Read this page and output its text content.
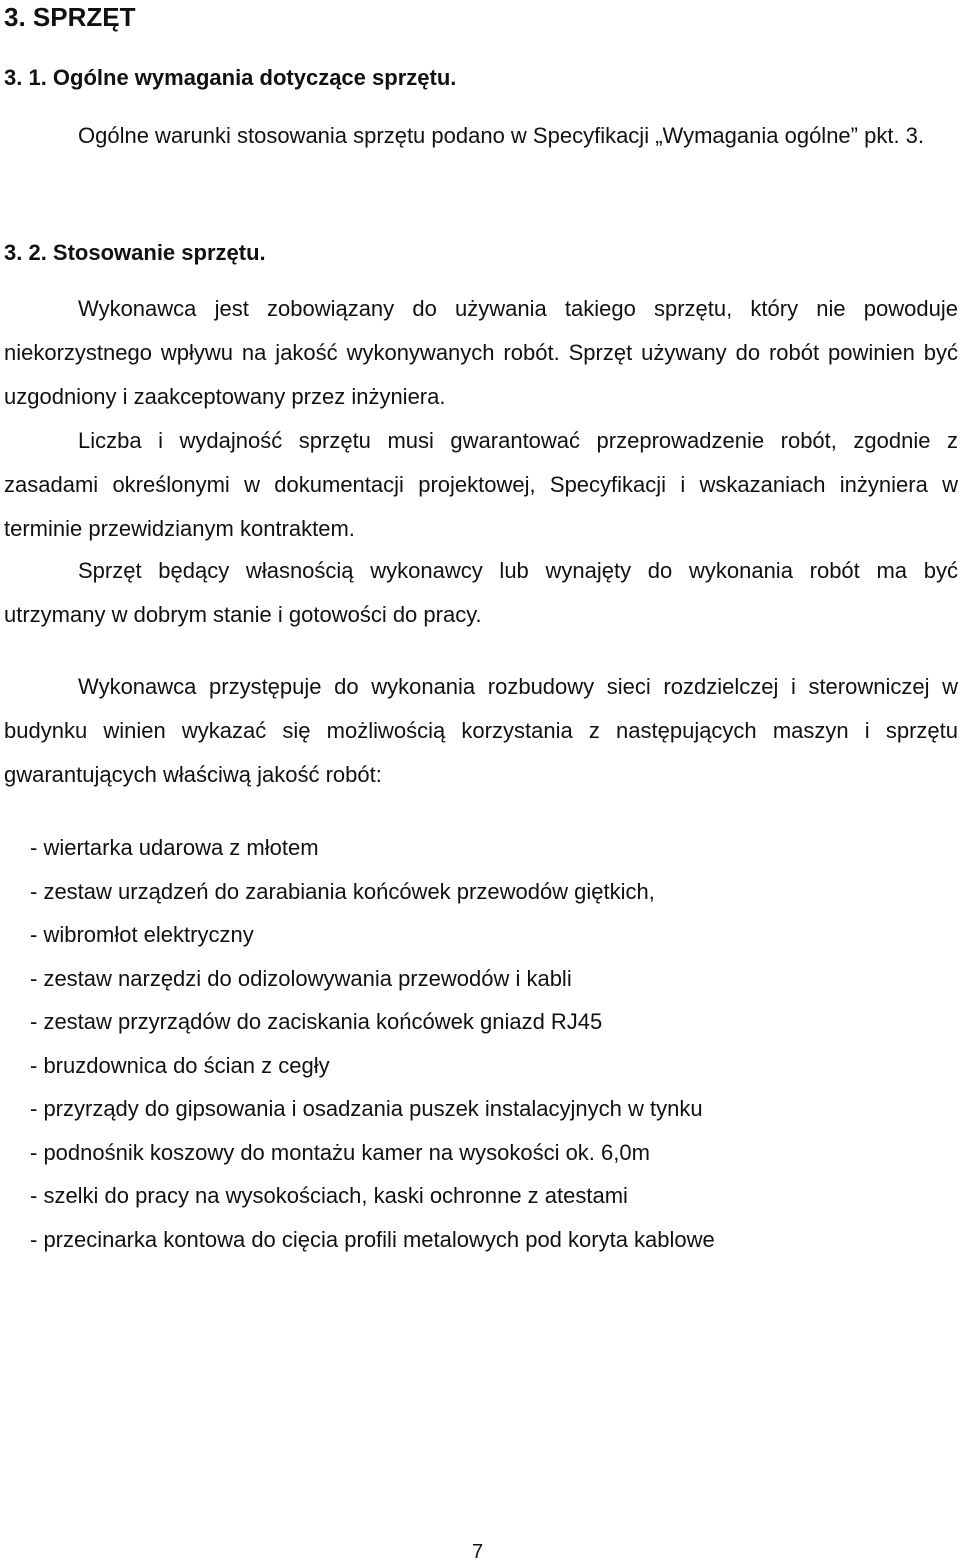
3. SPRZĘT
3. 1. Ogólne wymagania dotyczące sprzętu.

Ogólne warunki stosowania sprzętu podano w Specyfikacji „Wymagania ogólne” pkt. 3.

3. 2. Stosowanie sprzętu.

Wykonawca jest zobowiązany do używania takiego sprzętu, który nie powoduje niekorzystnego wpływu na jakość wykonywanych robót. Sprzęt używany do robót powinien być uzgodniony i zaakceptowany przez inżyniera.

Liczba i wydajność sprzętu musi gwarantować przeprowadzenie robót, zgodnie z zasadami określonymi w dokumentacji projektowej, Specyfikacji i wskazaniach inżyniera w terminie przewidzianym kontraktem.

Sprzęt będący własnością wykonawcy lub wynajęty do wykonania robót ma być utrzymany w dobrym stanie i gotowości do pracy.

Wykonawca przystępuje do wykonania rozbudowy sieci rozdzielczej i sterowniczej w budynku winien wykazać się możliwością korzystania z następujących maszyn i sprzętu gwarantujących właściwą jakość robót:

- wiertarka udarowa z młotem
- zestaw urządzeń do zarabiania końcówek przewodów giętkich,
- wibromłot elektryczny
- zestaw narzędzi do odizolowywania przewodów i kabli
- zestaw przyrządów do zaciskania końcówek gniazd RJ45
- bruzdownica do ścian z cegły
- przyrządy do gipsowania i osadzania puszek instalacyjnych w tynku
- podnośnik koszowy do montażu kamer na wysokości ok. 6,0m
- szelki do pracy na wysokościach, kaski ochronne z atestami
- przecinarka kontowa do cięcia profili metalowych pod koryta kablowe
7
